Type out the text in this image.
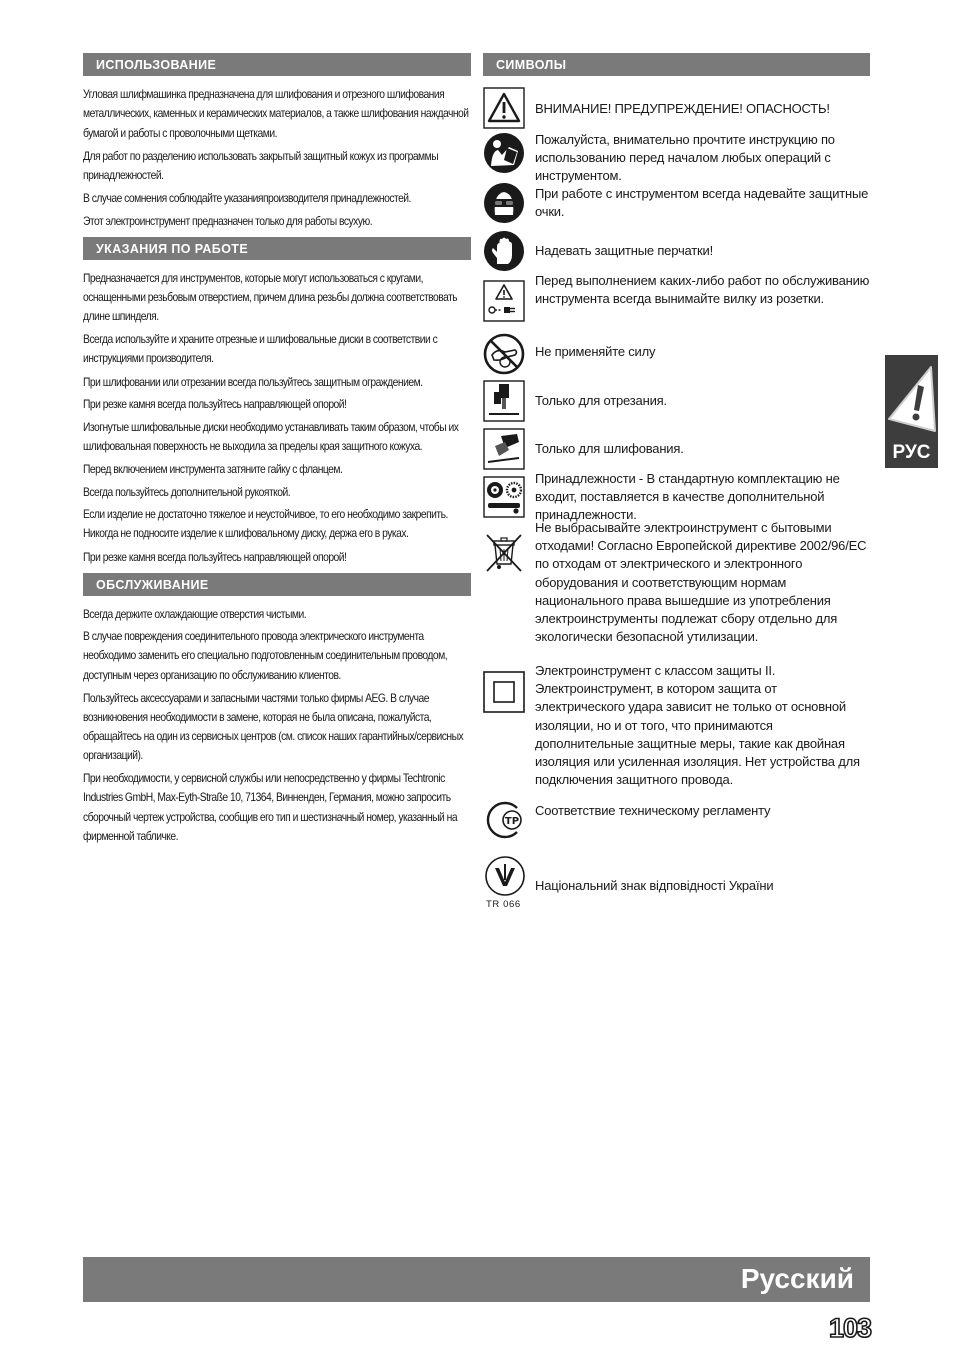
ИСПОЛЬЗОВАНИЕ

Угловая шлифмашинка предназначена для шлифования и отрезного шлифования металлических, каменных и керамических материалов, а также шлифования наждачной бумагой и работы с проволочными щетками.

Для работ по разделению использовать закрытый защитный кожух из программы принадлежностей.

В случае сомнения соблюдайте указанияпроизводителя принадлежностей.

Этот электроинструмент предназначен только для работы всухую.

УКАЗАНИЯ ПО РАБОТЕ

Предназначается для инструментов, которые могут использоваться с кругами, оснащенными резьбовым отверстием, причем длина резьбы должна соответствовать длине шпинделя.

Всегда используйте и храните отрезные и шлифовальные диски в соответствии с инструкциями производителя.

При шлифовании или отрезании всегда пользуйтесь защитным ограждением.

При резке камня всегда пользуйтесь направляющей опорой!

Изогнутые шлифовальные диски необходимо устанавливать таким образом, чтобы их шлифовальная поверхность не выходила за пределы края защитного кожуха.

Перед включением инструмента затяните гайку с фланцем.

Всегда пользуйтесь дополнительной рукояткой.

Если изделие не достаточно тяжелое и неустойчивое, то его необходимо закрепить. Никогда не подносите изделие к шлифовальному диску, держа его в руках.

При резке камня всегда пользуйтесь направляющей опорой!

ОБСЛУЖИВАНИЕ

Всегда держите охлаждающие отверстия чистыми.

В случае повреждения соединительного провода электрического инструмента необходимо заменить его специально подготовленным соединительным проводом, доступным через организацию по обслуживанию клиентов.

Пользуйтесь аксессуарами и запасными частями только фирмы AEG. В случае возникновения необходимости в замене, которая не была описана, пожалуйста, обращайтесь на один из сервисных центров (см. список наших гарантийных/сервисных организаций).

При необходимости, у сервисной службы или непосредственно у фирмы Techtronic Industries GmbH, Max-Eyth-Straße 10, 71364, Винненден, Германия, можно запросить сборочный чертеж устройства, сообщив его тип и шестизначный номер, указанный на фирменной табличке.

СИМВОЛЫ
ВНИМАНИЕ! ПРЕДУПРЕЖДЕНИЕ! ОПАСНОСТЬ!
Пожалуйста, внимательно прочтите инструкцию по использованию перед началом любых операций с инструментом.
При работе с инструментом всегда надевайте защитные очки.
Надевать защитные перчатки!
Перед выполнением каких-либо работ по обслуживанию инструмента всегда вынимайте вилку из розетки.
Не применяйте силу
Только для отрезания.
Только для шлифования.
Принадлежности - В стандартную комплектацию не входит, поставляется в качестве дополнительной принадлежности.
Не выбрасывайте электроинструмент с бытовыми отходами! Согласно Европейской директиве 2002/96/ЕС по отходам от электрического и электронного оборудования и соответствующим нормам национального права вышедшие из употребления электроинструменты подлежат сбору отдельно для экологически безопасной утилизации.
Электроинструмент с классом защиты II. Электроинструмент, в котором защита от электрического удара зависит не только от основной изоляции, но и от того, что принимаются дополнительные защитные меры, такие как двойная изоляция или усиленная изоляция. Нет устройства для подключения защитного провода.
ТР
Соответствие техническому регламенту
TR 066
Національний знак відповідності України
РУС
Русский
103
